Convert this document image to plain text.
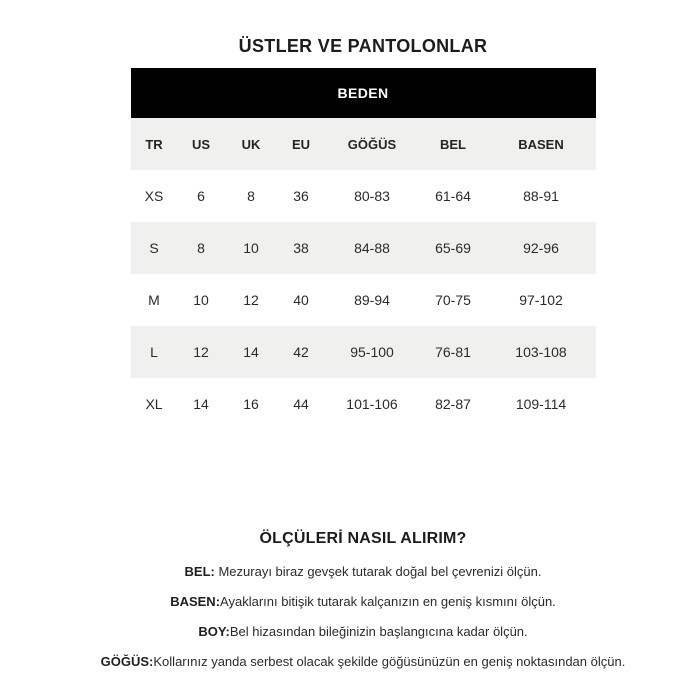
ÜSTLER VE PANTOLONLAR
BEDEN
TR	US	UK	EU	GÖĞÜS	BEL	BASEN
XS	6	8	36	80-83	61-64	88-91
S	8	10	38	84-88	65-69	92-96
M	10	12	40	89-94	70-75	97-102
L	12	14	42	95-100	76-81	103-108
XL	14	16	44	101-106	82-87	109-114
ÖLÇÜLERİ NASIL ALIRIM?

BEL: Mezurayı biraz gevşek tutarak doğal bel çevrenizi ölçün.

BASEN:Ayaklarını bitişik tutarak kalçanızın en geniş kısmını ölçün.

BOY:Bel hizasından bileğinizin başlangıcına kadar ölçün.

GÖĞÜS:Kollarınız yanda serbest olacak şekilde göğüsünüzün en geniş noktasından ölçün.
